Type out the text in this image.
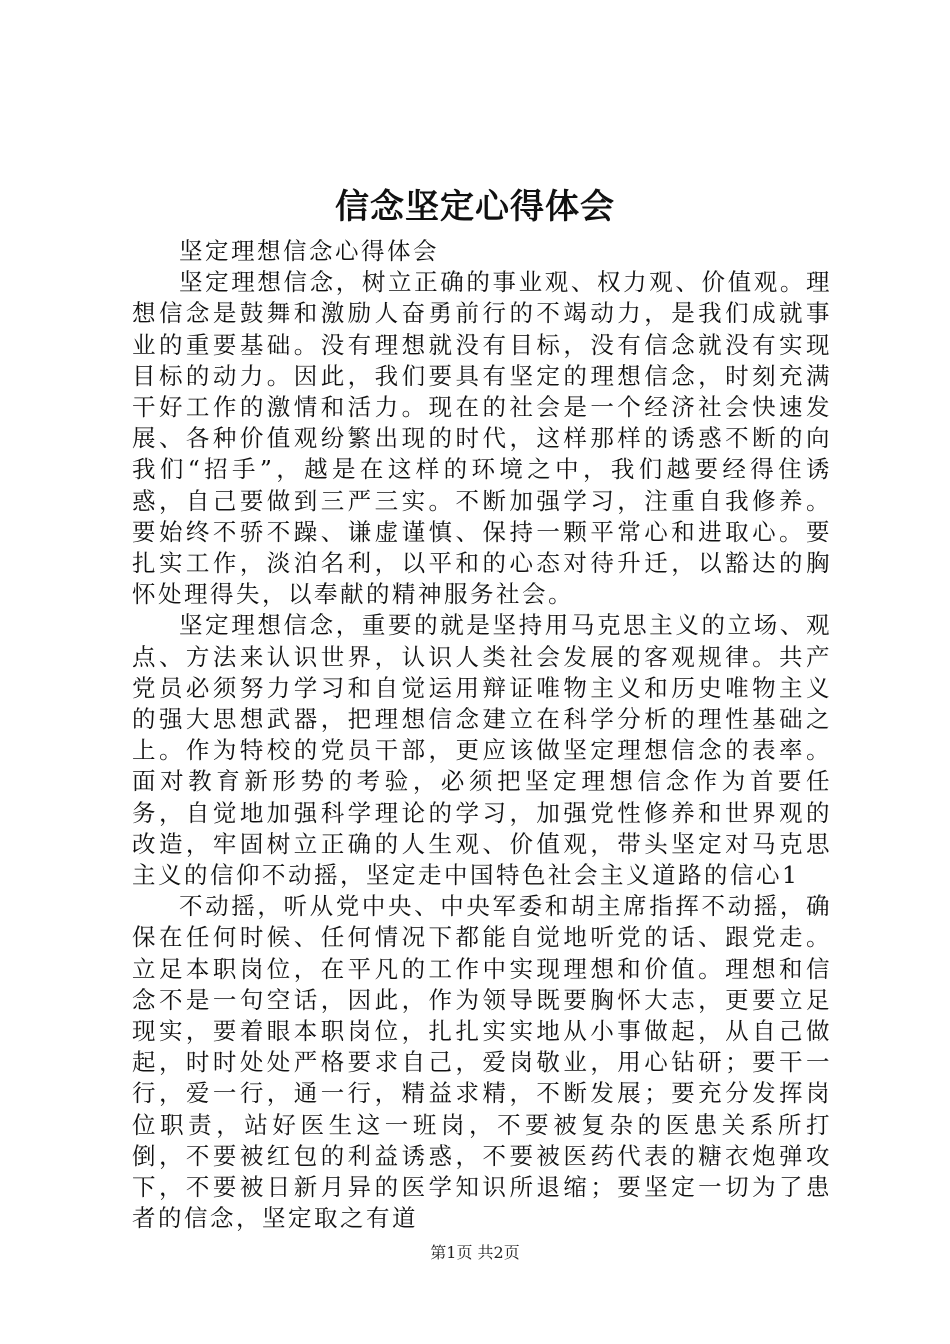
信念坚定心得体会

坚定理想信念心得体会

坚定理想信念，树立正确的事业观、权力观、价值观。理想信念是鼓舞和激励人奋勇前行的不竭动力，是我们成就事业的重要基础。没有理想就没有目标，没有信念就没有实现目标的动力。因此，我们要具有坚定的理想信念，时刻充满干好工作的激情和活力。现在的社会是一个经济社会快速发展、各种价值观纷繁出现的时代，这样那样的诱惑不断的向我们“招手”，越是在这样的环境之中，我们越要经得住诱惑，自己要做到三严三实。不断加强学习，注重自我修养。要始终不骄不躁、谦虚谨慎、保持一颗平常心和进取心。要扎实工作，淡泊名利，以平和的心态对待升迁，以豁达的胸怀处理得失，以奉献的精神服务社会。

坚定理想信念，重要的就是坚持用马克思主义的立场、观点、方法来认识世界，认识人类社会发展的客观规律。共产党员必须努力学习和自觉运用辩证唯物主义和历史唯物主义的强大思想武器，把理想信念建立在科学分析的理性基础之上。作为特校的党员干部，更应该做坚定理想信念的表率。面对教育新形势的考验，必须把坚定理想信念作为首要任务，自觉地加强科学理论的学习，加强党性修养和世界观的改造，牢固树立正确的人生观、价值观，带头坚定对马克思主义的信仰不动摇，坚定走中国特色社会主义道路的信心1

不动摇，听从党中央、中央军委和胡主席指挥不动摇，确保在任何时候、任何情况下都能自觉地听党的话、跟党走。立足本职岗位，在平凡的工作中实现理想和价值。理想和信念不是一句空话，因此，作为领导既要胸怀大志，更要立足现实，要着眼本职岗位，扎扎实实地从小事做起，从自己做起，时时处处严格要求自己，爱岗敬业，用心钻研；要干一行，爱一行，通一行，精益求精，不断发展；要充分发挥岗位职责，站好医生这一班岗，不要被复杂的医患关系所打倒，不要被红包的利益诱惑，不要被医药代表的糖衣炮弹攻下，不要被日新月异的医学知识所退缩；要坚定一切为了患者的信念，坚定取之有道

第1页 共2页
